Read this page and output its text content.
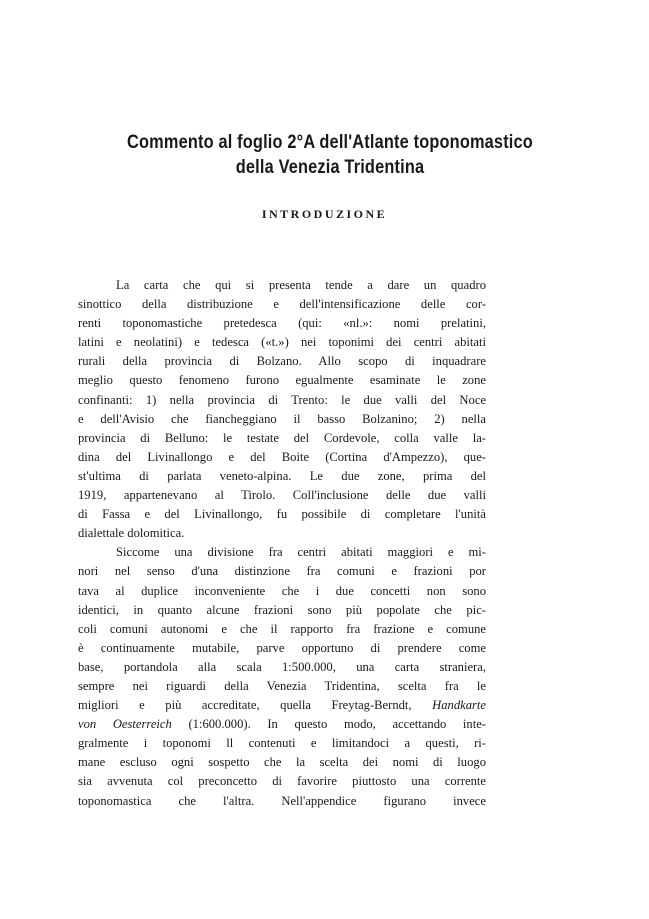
Commento al foglio 2°A dell'Atlante toponomastico
della Venezia Tridentina
INTRODUZIONE
La carta che qui si presenta tende a dare un quadro
sinottico della distribuzione e dell'intensificazione delle cor-
renti toponomastiche pretedesca (qui: «nl.»: nomi prelatini,
latini e neolatini) e tedesca («t.») nei toponimi dei centri abitati
rurali della provincia di Bolzano. Allo scopo di inquadrare
meglio questo fenomeno furono egualmente esaminate le zone
confinanti: 1) nella provincia di Trento: le due valli del Noce
e dell'Avisio che fiancheggiano il basso Bolzanino; 2) nella
provincia di Belluno: le testate del Cordevole, colla valle la-
dina del Livinallongo e del Boite (Cortina d'Ampezzo), que-
st'ultima di parlata veneto-alpina. Le due zone, prima del
1919, appartenevano al Tirolo. Coll'inclusione delle due valli
di Fassa e del Livinallongo, fu possibile di completare l'unità
dialettale dolomitica.
Siccome una divisione fra centri abitati maggiori e mi-
nori nel senso d'una distinzione fra comuni e frazioni por
tava al duplice inconveniente che i due concetti non sono
identici, in quanto alcune frazioni sono più popolate che pic-
coli comuni autonomi e che il rapporto fra frazione e comune
è continuamente mutabile, parve opportuno di prendere come
base, portandola alla scala 1:500.000, una carta straniera,
sempre nei riguardi della Venezia Tridentina, scelta fra le
migliori e più accreditate, quella Freytag-Berndt, Handkarte
von Oesterreich (1:600.000). In questo modo, accettando inte-
gralmente i toponomi ll contenuti e limitandoci a questi, ri-
mane escluso ogni sospetto che la scelta dei nomi di luogo
sia avvenuta col preconcetto di favorire piuttosto una corrente
toponomastica che l'altra. Nell'appendice figurano invece
